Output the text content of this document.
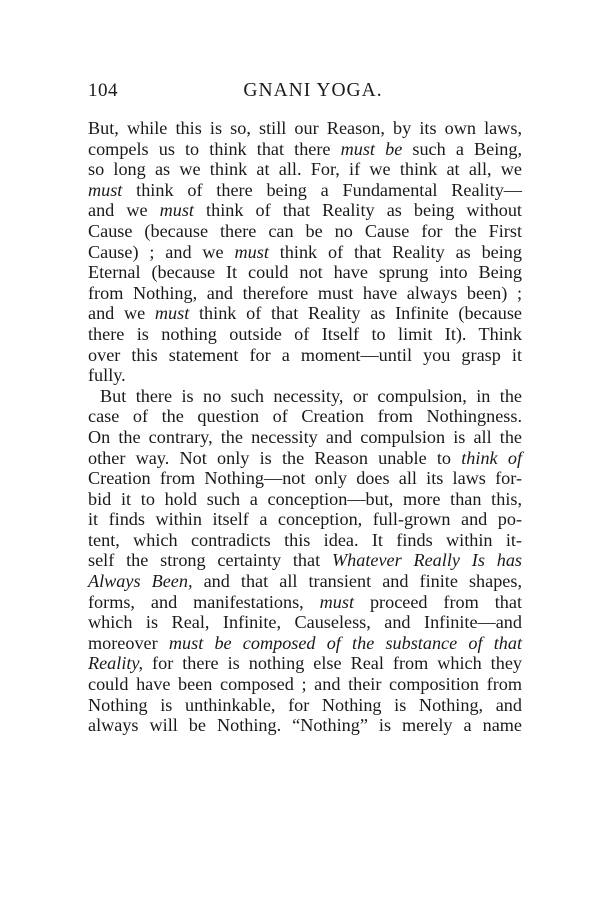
104	GNANI YOGA.
But, while this is so, still our Reason, by its own laws,
compels us to think that there must be such a Being,
so long as we think at all. For, if we think at all, we
must think of there being a Fundamental Reality—
and we must think of that Reality as being without
Cause (because there can be no Cause for the First
Cause) ; and we must think of that Reality as being
Eternal (because It could not have sprung into Being
from Nothing, and therefore must have always been) ;
and we must think of that Reality as Infinite (because
there is nothing outside of Itself to limit It). Think
over this statement for a moment—until you grasp it
fully.
But there is no such necessity, or compulsion, in the
case of the question of Creation from Nothingness.
On the contrary, the necessity and compulsion is all the
other way. Not only is the Reason unable to think of
Creation from Nothing—not only does all its laws for-
bid it to hold such a conception—but, more than this,
it finds within itself a conception, full-grown and po-
tent, which contradicts this idea. It finds within it-
self the strong certainty that Whatever Really Is has
Always Been, and that all transient and finite shapes,
forms, and manifestations, must proceed from that
which is Real, Infinite, Causeless, and Infinite—and
moreover must be composed of the substance of that
Reality, for there is nothing else Real from which they
could have been composed ; and their composition from
Nothing is unthinkable, for Nothing is Nothing, and
always will be Nothing. “Nothing” is merely a name
